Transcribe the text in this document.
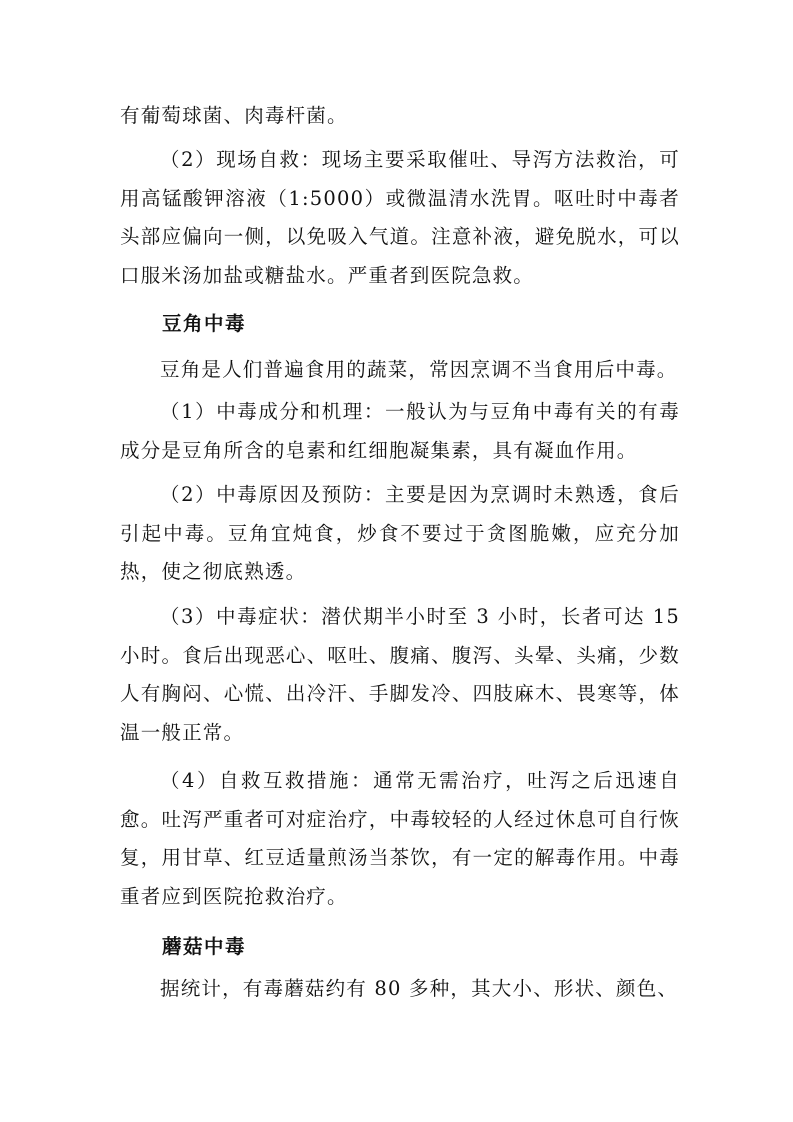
有葡萄球菌、肉毒杆菌。

（2）现场自救：现场主要采取催吐、导泻方法救治，可用高锰酸钾溶液（1:5000）或微温清水洗胃。呕吐时中毒者头部应偏向一侧，以免吸入气道。注意补液，避免脱水，可以口服米汤加盐或糖盐水。严重者到医院急救。

豆角中毒

豆角是人们普遍食用的蔬菜，常因烹调不当食用后中毒。

（1）中毒成分和机理：一般认为与豆角中毒有关的有毒成分是豆角所含的皂素和红细胞凝集素，具有凝血作用。

（2）中毒原因及预防：主要是因为烹调时未熟透，食后引起中毒。豆角宜炖食，炒食不要过于贪图脆嫩，应充分加热，使之彻底熟透。

（3）中毒症状：潜伏期半小时至 3 小时，长者可达 15 小时。食后出现恶心、呕吐、腹痛、腹泻、头晕、头痛，少数人有胸闷、心慌、出冷汗、手脚发冷、四肢麻木、畏寒等，体温一般正常。

（4）自救互救措施：通常无需治疗，吐泻之后迅速自愈。吐泻严重者可对症治疗，中毒较轻的人经过休息可自行恢复，用甘草、红豆适量煎汤当茶饮，有一定的解毒作用。中毒重者应到医院抢救治疗。

蘑菇中毒

据统计，有毒蘑菇约有 80 多种，其大小、形状、颜色、
